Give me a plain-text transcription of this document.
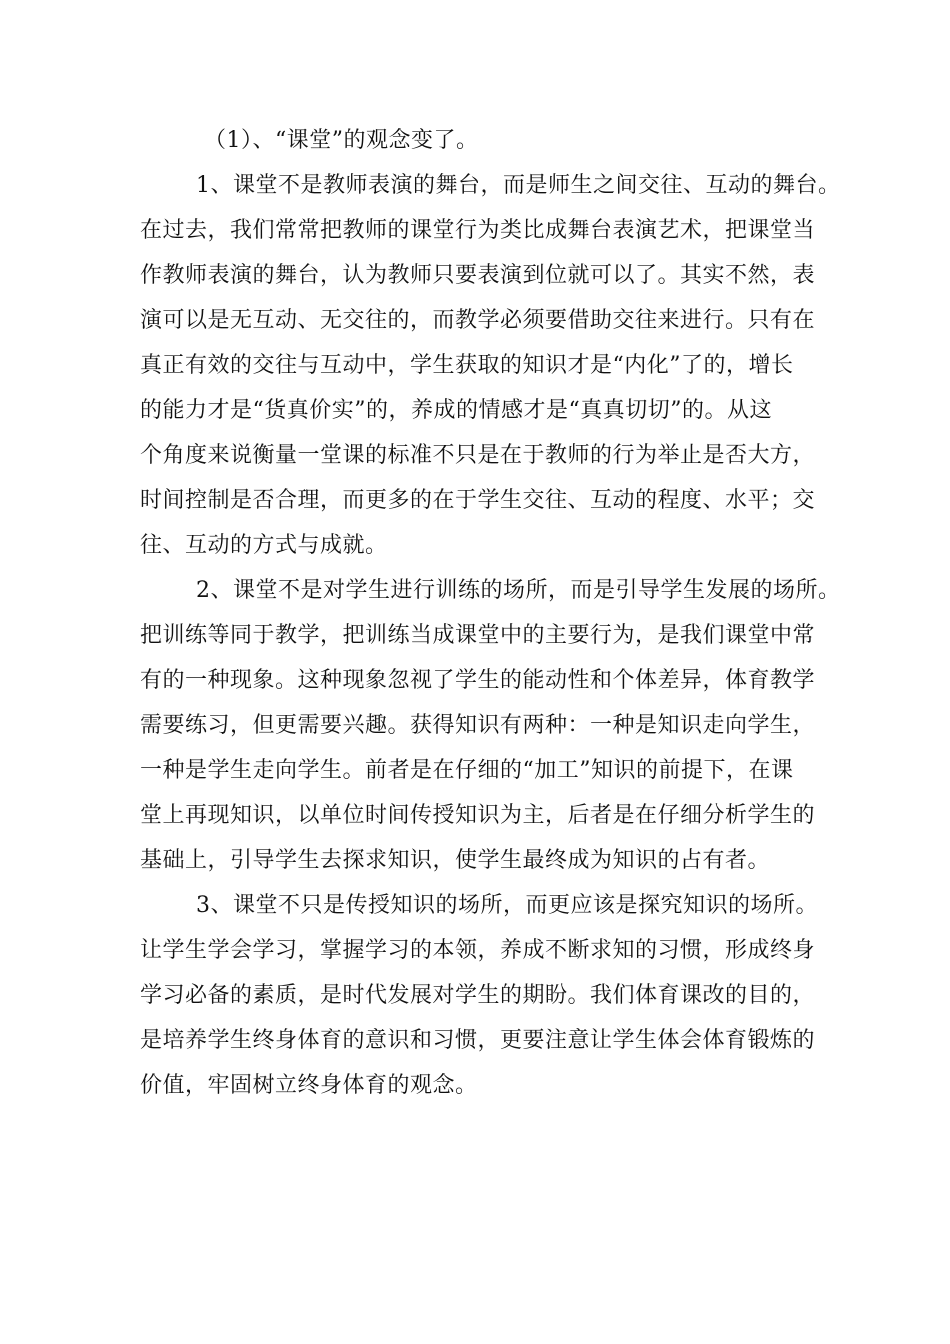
（1）、“课堂”的观念变了。
1、课堂不是教师表演的舞台，而是师生之间交往、互动的舞台。
在过去，我们常常把教师的课堂行为类比成舞台表演艺术，把课堂当
作教师表演的舞台，认为教师只要表演到位就可以了。其实不然，表
演可以是无互动、无交往的，而教学必须要借助交往来进行。只有在
真正有效的交往与互动中，学生获取的知识才是“内化”了的，增长
的能力才是“货真价实”的，养成的情感才是“真真切切”的。从这
个角度来说衡量一堂课的标准不只是在于教师的行为举止是否大方，
时间控制是否合理，而更多的在于学生交往、互动的程度、水平；交
往、互动的方式与成就。
2、课堂不是对学生进行训练的场所，而是引导学生发展的场所。
把训练等同于教学，把训练当成课堂中的主要行为，是我们课堂中常
有的一种现象。这种现象忽视了学生的能动性和个体差异，体育教学
需要练习，但更需要兴趣。获得知识有两种：一种是知识走向学生，
一种是学生走向学生。前者是在仔细的“加工”知识的前提下，在课
堂上再现知识，以单位时间传授知识为主，后者是在仔细分析学生的
基础上，引导学生去探求知识，使学生最终成为知识的占有者。
3、课堂不只是传授知识的场所，而更应该是探究知识的场所。
让学生学会学习，掌握学习的本领，养成不断求知的习惯，形成终身
学习必备的素质，是时代发展对学生的期盼。我们体育课改的目的，
是培养学生终身体育的意识和习惯，更要注意让学生体会体育锻炼的
价值，牢固树立终身体育的观念。
